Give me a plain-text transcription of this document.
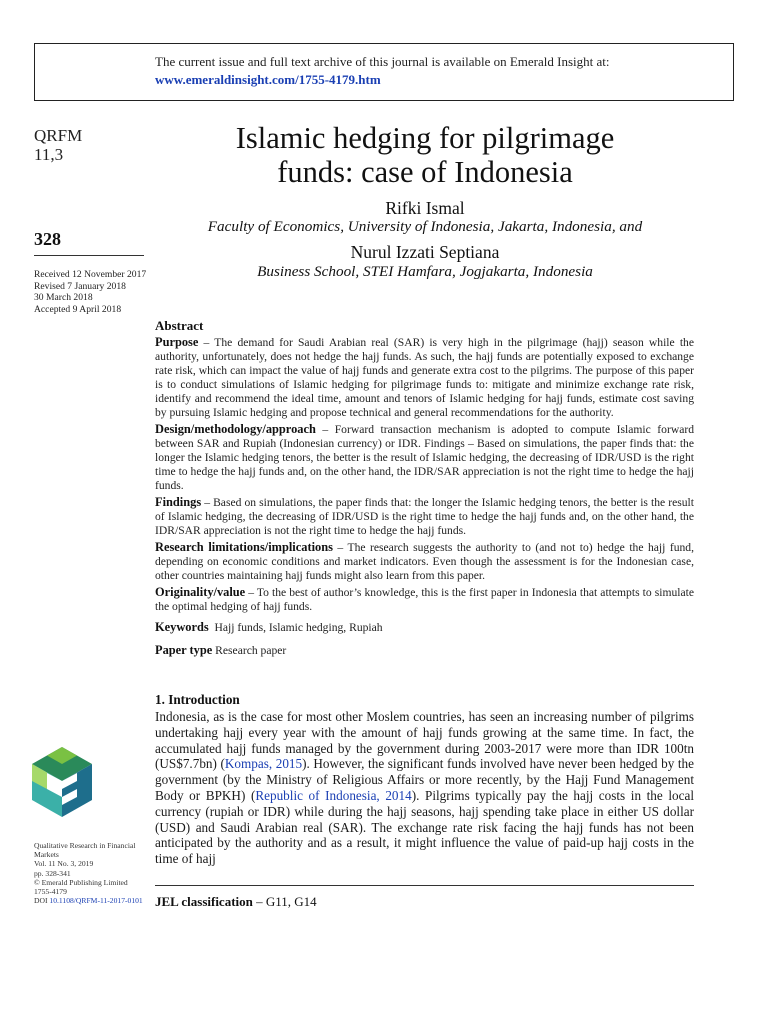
The current issue and full text archive of this journal is available on Emerald Insight at:
www.emeraldinsight.com/1755-4179.htm
QRFM
11,3
328
Received 12 November 2017
Revised 7 January 2018
30 March 2018
Accepted 9 April 2018
Islamic hedging for pilgrimage
funds: case of Indonesia
Rifki Ismal
Faculty of Economics, University of Indonesia, Jakarta, Indonesia, and
Nurul Izzati Septiana
Business School, STEI Hamfara, Jogjakarta, Indonesia
Abstract

Purpose – The demand for Saudi Arabian real (SAR) is very high in the pilgrimage (hajj) season while the authority, unfortunately, does not hedge the hajj funds. As such, the hajj funds are potentially exposed to exchange rate risk, which can impact the value of hajj funds and generate extra cost to the pilgrims. The purpose of this paper is to conduct simulations of Islamic hedging for pilgrimage funds to: mitigate and minimize exchange rate risk, identify and recommend the ideal time, amount and tenors of Islamic hedging for hajj funds, estimate cost saving by pursuing Islamic hedging and propose technical and general recommendations for the authority.

Design/methodology/approach – Forward transaction mechanism is adopted to compute Islamic forward between SAR and Rupiah (Indonesian currency) or IDR. Findings – Based on simulations, the paper finds that: the longer the Islamic hedging tenors, the better is the result of Islamic hedging, the decreasing of IDR/USD is the right time to hedge the hajj funds and, on the other hand, the IDR/SAR appreciation is not the right time to hedge the hajj funds.

Findings – Based on simulations, the paper finds that: the longer the Islamic hedging tenors, the better is the result of Islamic hedging, the decreasing of IDR/USD is the right time to hedge the hajj funds and, on the other hand, the IDR/SAR appreciation is not the right time to hedge the hajj funds.

Research limitations/implications – The research suggests the authority to (and not to) hedge the hajj fund, depending on economic conditions and market indicators. Even though the assessment is for the Indonesian case, other countries maintaining hajj funds might also learn from this paper.

Originality/value – To the best of author’s knowledge, this is the first paper in Indonesia that attempts to simulate the optimal hedging of hajj funds.

Keywords Hajj funds, Islamic hedging, Rupiah

Paper type Research paper

1. Introduction
Indonesia, as is the case for most other Moslem countries, has seen an increasing number of pilgrims undertaking hajj every year with the amount of hajj funds growing at the same time. In fact, the accumulated hajj funds managed by the government during 2003-2017 were more than IDR 100tn (US$7.7bn) (Kompas, 2015). However, the significant funds involved have never been hedged by the government (by the Ministry of Religious Affairs or more recently, by the Hajj Fund Management Body or BPKH) (Republic of Indonesia, 2014). Pilgrims typically pay the hajj costs in the local currency (rupiah or IDR) while during the hajj seasons, hajj spending take place in either US dollar (USD) and Saudi Arabian real (SAR). The exchange rate risk facing the hajj funds has not been anticipated by the authority and as a result, it might influence the value of paid-up hajj costs in the time of hajj
JEL classification – G11, G14
Qualitative Research in Financial
Markets
Vol. 11 No. 3, 2019
pp. 328-341
© Emerald Publishing Limited
1755-4179
DOI 10.1108/QRFM-11-2017-0101
